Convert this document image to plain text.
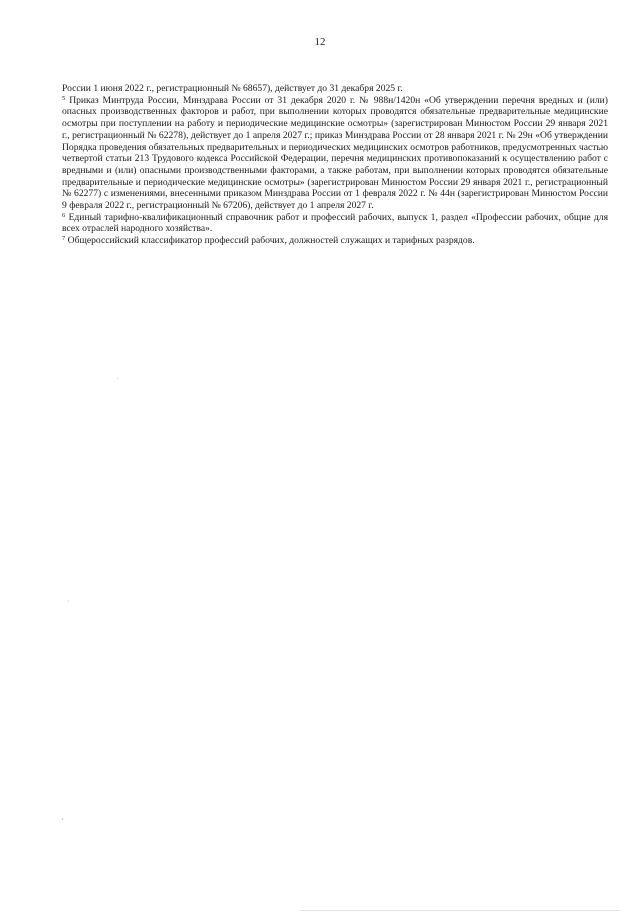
12

России 1 июня 2022 г., регистрационный № 68657), действует до 31 декабря 2025 г.

$^5$ Приказ Минтруда России, Минздрава России от 31 декабря 2020 г. № 988н/1420н «Об утверждении перечня вредных и (или) опасных производственных факторов и работ, при выполнении которых проводятся обязательные предварительные медицинские осмотры при поступлении на работу и периодические медицинские осмотры» (зарегистрирован Минюстом России 29 января 2021 г., регистрационный № 62278), действует до 1 апреля 2027 г.; приказ Минздрава России от 28 января 2021 г. № 29н «Об утверждении Порядка проведения обязательных предварительных и периодических медицинских осмотров работников, предусмотренных частью четвертой статьи 213 Трудового кодекса Российской Федерации, перечня медицинских противопоказаний к осуществлению работ с вредными и (или) опасными производственными факторами, а также работам, при выполнении которых проводятся обязательные предварительные и периодические медицинские осмотры» (зарегистрирован Минюстом России 29 января 2021 г., регистрационный № 62277) с изменениями, внесенными приказом Минздрава России от 1 февраля 2022 г. № 44н (зарегистрирован Минюстом России 9 февраля 2022 г., регистрационный № 67206), действует до 1 апреля 2027 г.

$^6$ Единый тарифно-квалификационный справочник работ и профессий рабочих, выпуск 1, раздел «Профессии рабочих, общие для всех отраслей народного хозяйства».

$^7$ Общероссийский классификатор профессий рабочих, должностей служащих и тарифных разрядов.
